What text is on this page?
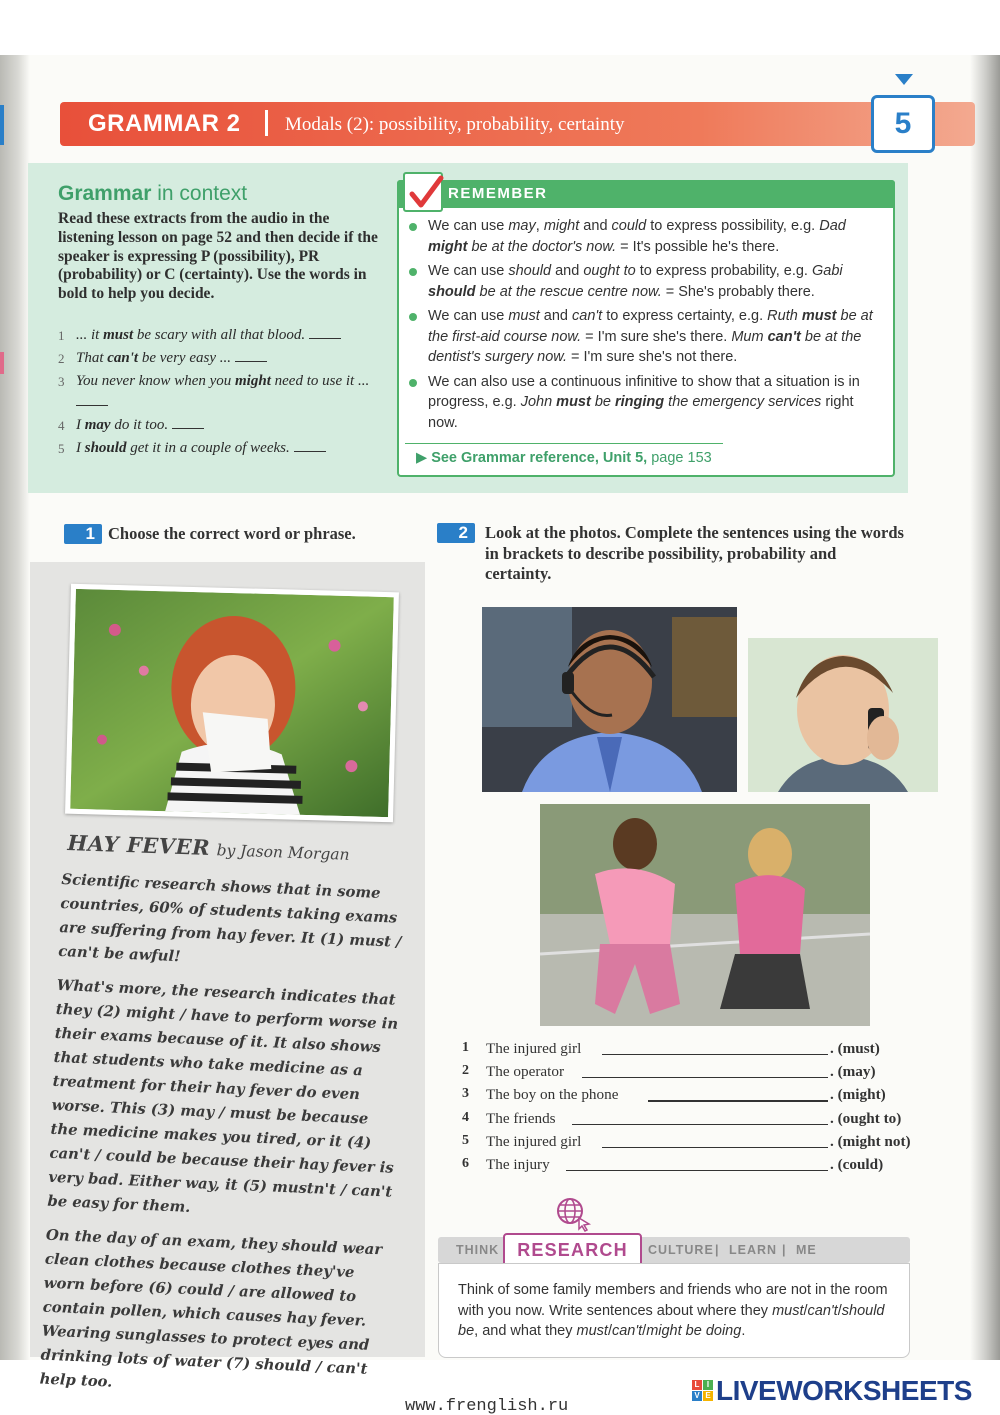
GRAMMAR 2 Modals (2): possibility, probability, certainty	5
Grammar in context
Read these extracts from the audio in the listening lesson on page 52 and then decide if the speaker is expressing P (possibility), PR (probability) or C (certainty). Use the words in bold to help you decide.
1 ... it must be scary with all that blood.
2 That can't be very easy ...
3 You never know when you might need to use it ...
4 I may do it too.
5 I should get it in a couple of weeks.
REMEMBER
We can use may, might and could to express possibility, e.g. Dad might be at the doctor's now. = It's possible he's there.
We can use should and ought to to express probability, e.g. Gabi should be at the rescue centre now. = She's probably there.
We can use must and can't to express certainty, e.g. Ruth must be at the first-aid course now. = I'm sure she's there. Mum can't be at the dentist's surgery now. = I'm sure she's not there.
We can also use a continuous infinitive to show that a situation is in progress, e.g. John must be ringing the emergency services right now.
▶ See Grammar reference, Unit 5, page 153
1 Choose the correct word or phrase.	2	Look at the photos. Complete the sentences using the words in brackets to describe possibility, probability and certainty.
HAY FEVER by Jason Morgan

Scientific research shows that in some countries, 60% of students taking exams are suffering from hay fever. It (1) must / can't be awful!

What's more, the research indicates that they (2) might / have to perform worse in their exams because of it. It also shows that students who take medicine as a treatment for their hay fever do even worse. This (3) may / must be because the medicine makes you tired, or it (4) can't / could be because their hay fever is very bad. Either way, it (5) mustn't / can't be easy for them.

On the day of an exam, they should wear clean clothes because clothes they've worn before (6) could / are allowed to contain pollen, which causes hay fever. Wearing sunglasses to protect eyes and drinking lots of water (7) should / can't help too.

1	The injured girl	. (must)
2	The operator	. (may)
3	The boy on the phone	. (might)
4	The friends	. (ought to)
5	The injured girl	. (might not)
6	The injury	. (could)
THINK RESEARCH	CULTURE | LEARN | ME
Think of some family members and friends who are not in the room with you now. Write sentences about where they must/can't/should be, and what they must/can't/might be doing.
www.frenglish.ru
L I
V E LIVEWORKSHEETS
